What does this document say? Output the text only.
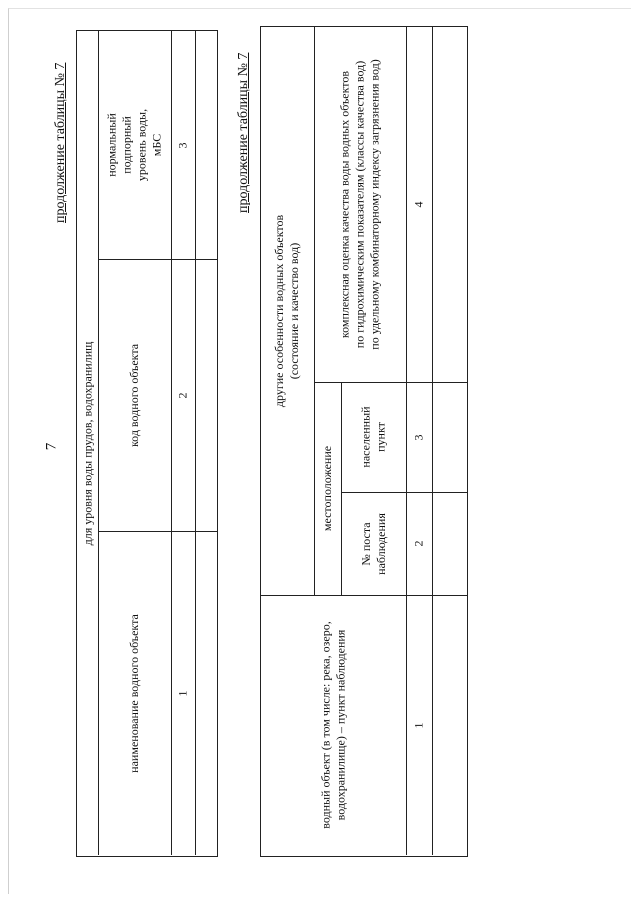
7
продолжение таблицы № 7	продолжение таблицы № 7
для уровня воды прудов, водохранилищ
нормальный подпорный уровень воды,
мБС
код водного объекта
наименование водного объекта
3
2
1
другие особенности водных объектов
(состояние и качество вод)
водный объект (в том числе: река, озеро,
водохранилище) – пункт наблюдения
местоположение
комплексная оценка качества воды водных объектов
по гидрохимическим показателям (классы качества вод)
по удельному комбинаторному индексу загрязнения вод)
населенный
пункт
№ поста
наблюдения
4
3
2
1
